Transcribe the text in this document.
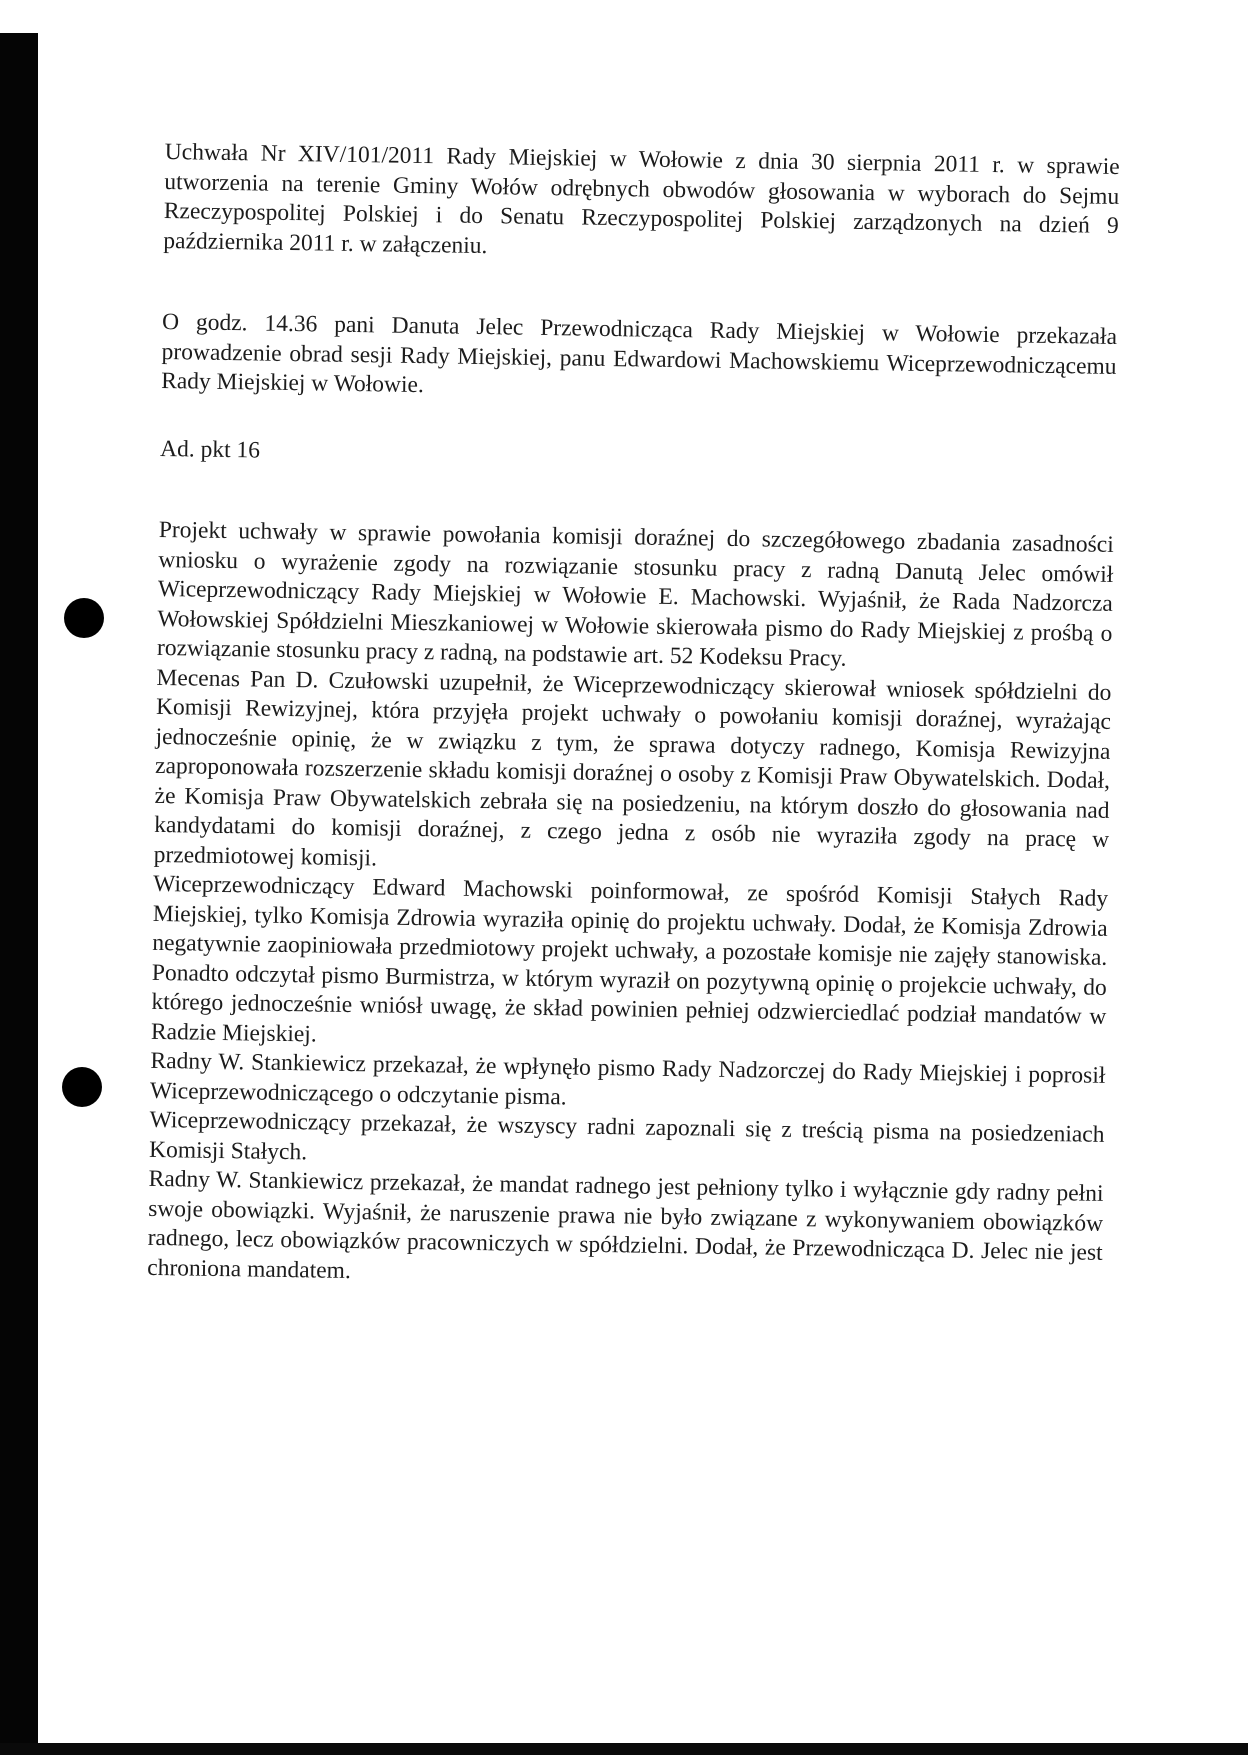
Uchwała Nr XIV/101/2011 Rady Miejskiej w Wołowie z dnia 30 sierpnia 2011 r. w sprawie utworzenia na terenie Gminy Wołów odrębnych obwodów głosowania w wyborach do Sejmu Rzeczypospolitej Polskiej i do Senatu Rzeczypospolitej Polskiej zarządzonych na dzień 9 października 2011 r. w załączeniu.

O godz. 14.36 pani Danuta Jelec Przewodnicząca Rady Miejskiej w Wołowie przekazała prowadzenie obrad sesji Rady Miejskiej, panu Edwardowi Machowskiemu Wiceprzewodniczącemu Rady Miejskiej w Wołowie.

Ad. pkt 16

Projekt uchwały w sprawie powołania komisji doraźnej do szczegółowego zbadania zasadności wniosku o wyrażenie zgody na rozwiązanie stosunku pracy z radną Danutą Jelec omówił Wiceprzewodniczący Rady Miejskiej w Wołowie E. Machowski. Wyjaśnił, że Rada Nadzorcza Wołowskiej Spółdzielni Mieszkaniowej w Wołowie skierowała pismo do Rady Miejskiej z prośbą o rozwiązanie stosunku pracy z radną, na podstawie art. 52 Kodeksu Pracy.

Mecenas Pan D. Czułowski uzupełnił, że Wiceprzewodniczący skierował wniosek spółdzielni do Komisji Rewizyjnej, która przyjęła projekt uchwały o powołaniu komisji doraźnej, wyrażając jednocześnie opinię, że w związku z tym, że sprawa dotyczy radnego, Komisja Rewizyjna zaproponowała rozszerzenie składu komisji doraźnej o osoby z Komisji Praw Obywatelskich. Dodał, że Komisja Praw Obywatelskich zebrała się na posiedzeniu, na którym doszło do głosowania nad kandydatami do komisji doraźnej, z czego jedna z osób nie wyraziła zgody na pracę w przedmiotowej komisji.

Wiceprzewodniczący Edward Machowski poinformował, ze spośród Komisji Stałych Rady Miejskiej, tylko Komisja Zdrowia wyraziła opinię do projektu uchwały. Dodał, że Komisja Zdrowia negatywnie zaopiniowała przedmiotowy projekt uchwały, a pozostałe komisje nie zajęły stanowiska. Ponadto odczytał pismo Burmistrza, w którym wyraził on pozytywną opinię o projekcie uchwały, do którego jednocześnie wniósł uwagę, że skład powinien pełniej odzwierciedlać podział mandatów w Radzie Miejskiej.

Radny W. Stankiewicz przekazał, że wpłynęło pismo Rady Nadzorczej do Rady Miejskiej i poprosił Wiceprzewodniczącego o odczytanie pisma.

Wiceprzewodniczący przekazał, że wszyscy radni zapoznali się z treścią pisma na posiedzeniach Komisji Stałych.

Radny W. Stankiewicz przekazał, że mandat radnego jest pełniony tylko i wyłącznie gdy radny pełni swoje obowiązki. Wyjaśnił, że naruszenie prawa nie było związane z wykonywaniem obowiązków radnego, lecz obowiązków pracowniczych w spółdzielni. Dodał, że Przewodnicząca D. Jelec nie jest chroniona mandatem.
